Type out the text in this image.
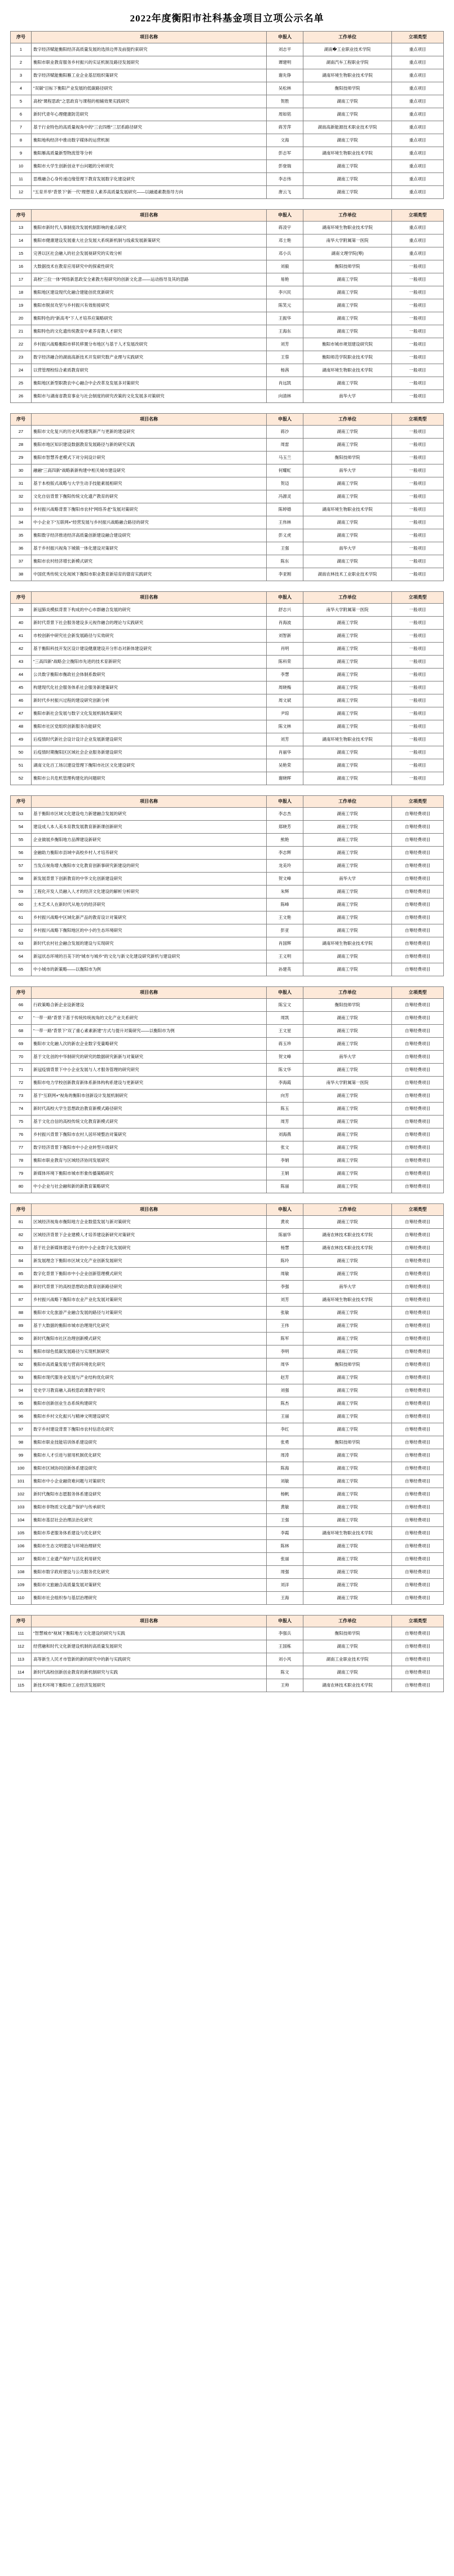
2022年度衡阳市社科基金项目立项公示名单
序号	项目名称	申报人	工作单位	立项类型
1	数字经济赋能衡阳经济高质量发展的选择边界及前提约束研究	刘志平	湖南�工业职业技术学院	重点项目
2	衡阳市职业教育服务乡村振兴的实证机制及路径发展研究	谭建明	湖南汽车工程职业学院	重点项目
3	数字经济赋能衡阳雁工业企业基层组织策研究	谢先铮	湖南环境生物职业技术学院	重点项目
4	"双碳"目标下衡阳产业发展的低碳路径研究	吴松林	衡阳技师学院	重点项目
5	高校"课程思政"之思政育与课程的相辅效果实践研究	贺胜	湖南工学院	重点项目
6	新时代青年心理健康防范研究	周如铭	湖南工学院	重点项目
7	基于行业特色的高质量视角中的"三农四维"三层系路径研究	蒋芳萍	湖南高新能源技术职业技术学院	重点项目
8	衡阳地构经济中推动数字媒体的运营机制	文海	湖南工学院	重点项目
9	衡阳雁高质量新型物流管等分析	彭志军	湖南环境生物职业技术学院	重点项目
10	衡阳市大学生创新创业平台问题的分析研究	彭登瑞	湖南工学院	重点项目
11	思维融合心身传递边缘管理下教育发展数字化建设研究	李志伟	湖南工学院	重点项目
12	"五育并举"背景下"新一代"理想育人素养高质量发展研究——以融通素教指导方向	唐云飞	湖南工学院	重点项目
序号	项目名称	申报人	工作单位	立项类型
13	衡阳市新时代人事制度改发展机制影响的重点研究	蒋凌宇	湖南环境生物职业技术学院	重点项目
14	衡阳市健康建设发展重大社会发展大系统新机制与线索发展新策研究	邓士艳	南华大学附属第一医院	重点项目
15	完善以区社会融入的社会发展视研究的实效分析	邓小兵	湖南文理学院(筹)	重点项目
16	大数据技术在教育应用研究中的探索性研究	刘毅	衡阳技师学院	一般项目
17	高校"三位一体"网络新思政安全素教方程研究的创新文化意——运动指导及其的思路	易艳	湖南工学院	一般项目
18	衡阳地区建设现代化融合建能创优优新研究	李兴民	湖南工学院	一般项目
19	衡阳市脱贫攻坚与乡村振兴有效衔接研究	陈笑元	湖南工学院	一般项目
20	衡阳特色的"新高考"下人才培养应策略研究	王振华	湖南工学院	一般项目
21	衡阳特色的文化遗传统教育中素养育教人才研究	王海东	湖南工学院	一般项目
22	乡村振兴战略衡阳市移民移置分布地区与基于人才发展改研究	刘芳	衡阳市城市规划建设研究院	一般项目
23	数字经济融合的湖南高新技术开发研究数产业理与实践研究	王蓉	衡阳师范学院职业技术学院	一般项目
24	以营管理校综合素质教育研究	杨茜	湖南环境生物职业技术学院	一般项目
25	衡阳地区新型职教农中心融合中企改革及发展多对策研究	肖远凯	湖南工学院	一般项目
26	衡阳市与湖南省教育事业与社会制度的研究改策的文化发展多对策研究	向清林	南华大学	一般项目
序号	项目名称	申报人	工作单位	立项类型
27	衡阳市文化复兴的历史风格建筑新产与更新的建设研究	蒋沙	湖南工学院	一般项目
28	衡阳市地区知识建设数据教育发展路径与新的研究实践	周雷	湖南工学院	一般项目
29	衡阳市智慧养老模式下对分间设计研究	马玉兰	衡阳技师学院	一般项目
30	融融"三高四新"战略新新构建中相关城市建设研究	何耀虹	南华大学	一般项目
31	基于本校版式战略与大学生动手技能素展相研究	贺迈	湖南工学院	一般项目
32	文化自信背景下衡阳传统文化遗产教育的研究	冯源灵	湖南工学院	一般项目
33	乡村振兴战略背景下衡阳市农村"网络养老"发展对策研究	陈婷婚	湖南环境生物职业技术学院	一般项目
34	中小企业下"互联网+"经营发展与乡村振兴战略融合路径的研究	王伟林	湖南工学院	一般项目
35	衡阳数字经济推进经济高质量创新建设融合建设研究	彭义虎	湖南工学院	一般项目
36	基于乡村振兴视角下城镇一体化建设对策研究	王强	南华大学	一般项目
37	衡阳市农村经济增长新模式研究	陈东	湖南工学院	一般项目
38	中国优秀传统文化视域下衡阳市职业教育新培育的德育实践研究	李亚刚	湖南农林技术工业职业技术学院	一般项目
序号	项目名称	申报人	工作单位	立项类型
39	新冠肺炎模拟背景下构成的中心市群融合发展的研究	舒志兴	南华大学附属第一医院	一般项目
40	新时代背景下社会服务建设多元视作融合的理论与实践研究	肖海波	湖南工学院	一般项目
41	市校创新中研究社会新发展路径与实效研究	刘智新	湖南工学院	一般项目
42	基于衡阳科技开发区设计建设健康建设开分形态对新体建设研究	肖明	湖南工学院	一般项目
43	"三高四新"战略会立衡阳市先进的技术育新研究	陈科荣	湖南工学院	一般项目
44	公共数字衡阳市衡政社会体制系数研究	李慧	湖南工学院	一般项目
45	构建现代化社会服务体系社会服务新建策研究	周晓梅	湖南工学院	一般项目
46	新时代乡村振兴过程的建设研究创新分析	周文斌	湖南工学院	一般项目
47	衡阳市新社会发展与数字文化发展机制改策研究	尹琼	湖南工学院	一般项目
48	衡阳市社区党组织创新服务功能研究	陈文林	湖南工学院	一般项目
49	后疫情时代新社会设计设计企业发展新建设研究	刘芳	湖南环境生物职业技术学院	一般项目
50	后疫情时期衡阳区区域社会企业服务新建设研究	肖丽华	湖南工学院	一般项目
51	湖南文化百工场以建设管理下衡阳市社区文化建设研究	吴艳荣	湖南工学院	一般项目
52	衡阳市公共危机管理构建化的问题研究	谢晓晖	湖南工学院	一般项目
序号	项目名称	申报人	工作单位	立项类型
53	基于衡阳市区域文化建设电力新建融合发展的研究	李志杰	湖南工学院	自筹经费项目
54	建设成人本人美本育教发展教育新新课创新研究	郑晓芳	湖南工学院	自筹经费项目
55	企业做展乡衡阳地方品牌建设新研究	熊艳	湖南工学院	自筹经费项目
56	金融助力衡阳市县域中高校乡村人才培养研究	李志辉	湖南工学院	自筹经费项目
57	当发点视角增大衡阳市文化教育创新事研究新建设的研究	龙美玲	湖南工学院	自筹经费项目
58	新发展背景下创新教育的中华文化创新建设研究	贺文峰	南华大学	自筹经费项目
59	工程化开发人员融入人才的经济文化建设的解析分析研究	朱辉	湖南工学院	自筹经费项目
60	土木艺术人在新时代从地方的经济研究	陈峰	湖南工学院	自筹经费项目
61	乡村振兴战略中区域化新产品的教育设计对策研究	王文艳	湖南工学院	自筹经费项目
62	乡村振兴战略下衡阳地区的中小的生态环境研究	彭亚	湖南工学院	自筹经费项目
63	新时代农村社会融合发展的建设与实现研究	肖国辉	湖南环境生物职业技术学院	自筹经费项目
64	新冠状态环境的百美下的"城市与城乡"的文化与新文化建设研究新机与建设研究	王义明	湖南工学院	自筹经费项目
65	中小城市的新策略——以衡阳市为例	孙建英	湖南工学院	自筹经费项目
序号	项目名称	申报人	工作单位	立项类型
66	行政策略合新企业设新建设	陈宝文	衡阳技师学院	自筹经费项目
67	"一带一路"背景下基于传统传统视角的文化产业关系研究	周凯	湖南工学院	自筹经费项目
68	"一带一路"背景下"双了重心素素新建"方式与提升对策研究——以衡阳市为例	王文星	湖南工学院	自筹经费项目
69	衡阳市文化融人次的新农企业数字变量略研究	蒋玉珍	湖南工学院	自筹经费项目
70	基于文化创的中华制研究的研究的数据研究新新与对策研究	贺文峰	南华大学	自筹经费项目
71	新冠疫情背景下中小企业发展与人才服务管理的研究研究	陈文华	湖南工学院	自筹经费项目
72	衡阳市电力学校创新教育新体系新体构构系建设与更新研究	李海霞	南华大学附属第一医院	自筹经费项目
73	基于"互联网+"视角的衡阳市创新设计发展机制研究	向芳	湖南工学院	自筹经费项目
74	新时代高校大学生思想政治教育新模式路径研究	陈玉	湖南工学院	自筹经费项目
75	基于文化自信的高校传统文化教育新模式研究	周芳	湖南工学院	自筹经费项目
76	乡村振兴背景下衡阳市农村人居环境整治对策研究	刘海燕	湖南工学院	自筹经费项目
77	数字经济背景下衡阳市中小企业转型升级研究	张文	湖南工学院	自筹经费项目
78	衡阳市职业教育与区域经济协同发展研究	李娟	湖南工学院	自筹经费项目
79	新媒体环境下衡阳市城市形象传播策略研究	王娟	湖南工学院	自筹经费项目
80	中小企业与社会融和新的新教育策略研究	陈丽	湖南工学院	自筹经费项目
序号	项目名称	申报人	工作单位	立项类型
81	区域经济视角市衡阳地方企业数值发展与新对策研究	黄欢	湖南工学院	自筹经费项目
82	区域经济背景下企业建模人才培养建设新研究对策研究	陈丽华	湖南农林技术职业技术学院	自筹经费项目
83	基于社会新媒体建设平台的中小企业数字化发展研究	杨慧	湖南农林技术职业技术学院	自筹经费项目
84	新发展理念下衡阳市区域文化产业创新发展研究	陈玲	湖南工学院	自筹经费项目
85	数字化背景下衡阳市中小企业创新管理模式研究	周敏	湖南工学院	自筹经费项目
86	新时代背景下的高校思想政治教育创新路径研究	李强	南华大学	自筹经费项目
87	乡村振兴战略下衡阳市农业产业化发展对策研究	刘芳	湖南环境生物职业技术学院	自筹经费项目
88	衡阳市文化旅游产业融合发展的路径与对策研究	张敏	湖南工学院	自筹经费项目
89	基于大数据的衡阳市城市治理现代化研究	王伟	湖南工学院	自筹经费项目
90	新时代衡阳市社区治理创新模式研究	陈军	湖南工学院	自筹经费项目
91	衡阳市绿色低碳发展路径与实现机制研究	李明	湖南工学院	自筹经费项目
92	衡阳市高质量发展与营商环境优化研究	周华	衡阳技师学院	自筹经费项目
93	衡阳市现代服务业发展与产业结构优化研究	赵芳	湖南工学院	自筹经费项目
94	党史学习教育融入高校思政课教学研究	刘强	湖南工学院	自筹经费项目
95	衡阳市创新创业生态系统构建研究	陈杰	湖南工学院	自筹经费项目
96	衡阳市乡村文化振兴与精神文明建设研究	王丽	湖南工学院	自筹经费项目
97	数字乡村建设背景下衡阳市农村信息化研究	李红	湖南工学院	自筹经费项目
98	衡阳市职业技能培训体系建设研究	张勇	衡阳技师学院	自筹经费项目
99	衡阳市人才引进与留用机制优化研究	周涛	湖南工学院	自筹经费项目
100	衡阳市区域协同创新体系建设研究	陈海	湖南工学院	自筹经费项目
101	衡阳市中小企业融资难问题与对策研究	刘敏	湖南工学院	自筹经费项目
102	新时代衡阳市志愿服务体系建设研究	杨帆	湖南工学院	自筹经费项目
103	衡阳市非物质文化遗产保护与传承研究	黄敏	湖南工学院	自筹经费项目
104	衡阳市基层社会治理法治化研究	王强	湖南工学院	自筹经费项目
105	衡阳市养老服务体系建设与优化研究	李霞	湖南环境生物职业技术学院	自筹经费项目
106	衡阳市生态文明建设与环境治理研究	陈林	湖南工学院	自筹经费项目
107	衡阳市工业遗产保护与活化利用研究	张丽	湖南工学院	自筹经费项目
108	衡阳市数字政府建设与公共服务优化研究	周强	湖南工学院	自筹经费项目
109	衡阳市文旅融合高质量发展对策研究	刘洋	湖南工学院	自筹经费项目
110	衡阳市社会组织参与基层治理研究	王海	湖南工学院	自筹经费项目
序号	项目名称	申报人	工作单位	立项类型
111	"智慧城市"视域下衡阳地方文化建设的研究与实践	李强兵	衡阳技师学院	自筹经费项目
112	经营融和时代文化新建设机制的高质量发展研究	王国栋	湖南工学院	自筹经费项目
113	高等新生人民才市管新的新的研究中的新与实践研究	刘小风	湖南工业职业技术学院	自筹经费项目
114	新时代高校创新创业教育的新机制研究与实践	陈文	湖南工学院	自筹经费项目
115	新技术环境下衡阳市工业经济发展研究	王帅	湖南农林技术职业技术学院	自筹经费项目
